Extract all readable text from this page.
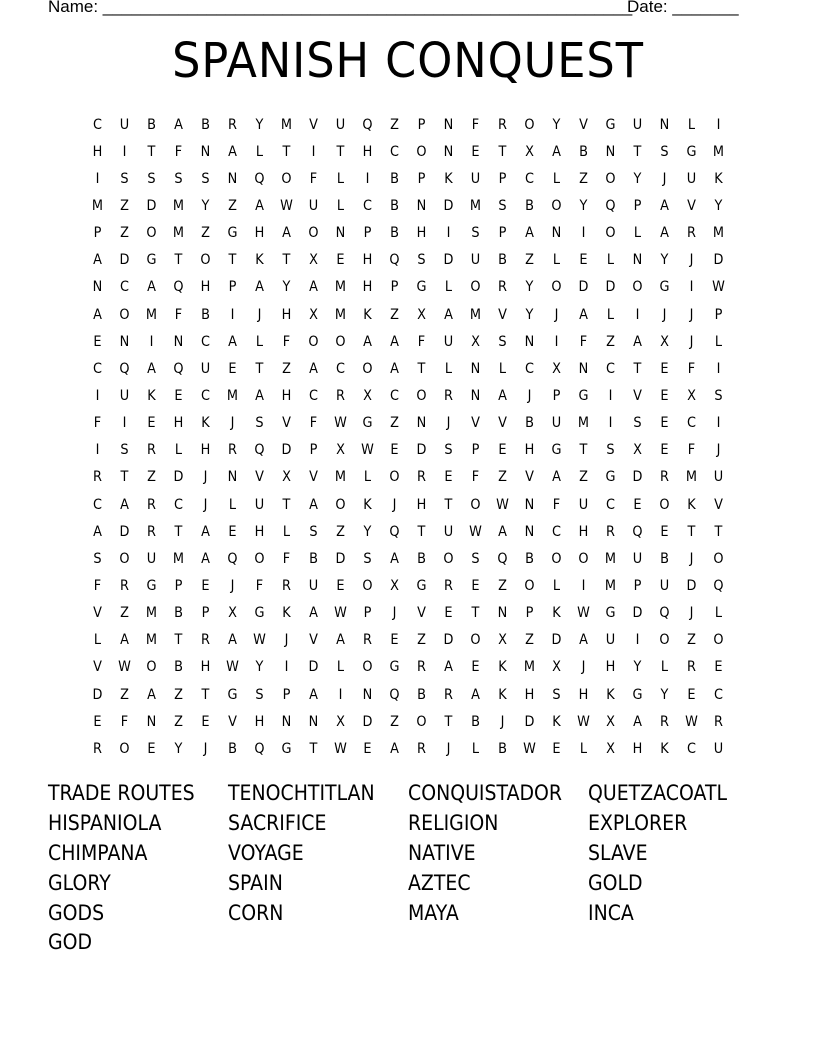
Name: ________________________________________________________
Date: _______
SPANISH CONQUEST
C	U	B	A	B	R	Y	M	V	U	Q	Z	P	N	F	R	O	Y	V	G	U	N	L	I
H	I	T	F	N	A	L	T	I	T	H	C	O	N	E	T	X	A	B	N	T	S	G	M
I	S	S	S	S	N	Q	O	F	L	I	B	P	K	U	P	C	L	Z	O	Y	J	U	K
M	Z	D	M	Y	Z	A	W	U	L	C	B	N	D	M	S	B	O	Y	Q	P	A	V	Y
P	Z	O	M	Z	G	H	A	O	N	P	B	H	I	S	P	A	N	I	O	L	A	R	M
A	D	G	T	O	T	K	T	X	E	H	Q	S	D	U	B	Z	L	E	L	N	Y	J	D
N	C	A	Q	H	P	A	Y	A	M	H	P	G	L	O	R	Y	O	D	D	O	G	I	W
A	O	M	F	B	I	J	H	X	M	K	Z	X	A	M	V	Y	J	A	L	I	J	J	P
E	N	I	N	C	A	L	F	O	O	A	A	F	U	X	S	N	I	F	Z	A	X	J	L
C	Q	A	Q	U	E	T	Z	A	C	O	A	T	L	N	L	C	X	N	C	T	E	F	I
I	U	K	E	C	M	A	H	C	R	X	C	O	R	N	A	J	P	G	I	V	E	X	S
F	I	E	H	K	J	S	V	F	W	G	Z	N	J	V	V	B	U	M	I	S	E	C	I
I	S	R	L	H	R	Q	D	P	X	W	E	D	S	P	E	H	G	T	S	X	E	F	J
R	T	Z	D	J	N	V	X	V	M	L	O	R	E	F	Z	V	A	Z	G	D	R	M	U
C	A	R	C	J	L	U	T	A	O	K	J	H	T	O	W	N	F	U	C	E	O	K	V
A	D	R	T	A	E	H	L	S	Z	Y	Q	T	U	W	A	N	C	H	R	Q	E	T	T
S	O	U	M	A	Q	O	F	B	D	S	A	B	O	S	Q	B	O	O	M	U	B	J	O
F	R	G	P	E	J	F	R	U	E	O	X	G	R	E	Z	O	L	I	M	P	U	D	Q
V	Z	M	B	P	X	G	K	A	W	P	J	V	E	T	N	P	K	W	G	D	Q	J	L
L	A	M	T	R	A	W	J	V	A	R	E	Z	D	O	X	Z	D	A	U	I	O	Z	O
V	W	O	B	H	W	Y	I	D	L	O	G	R	A	E	K	M	X	J	H	Y	L	R	E
D	Z	A	Z	T	G	S	P	A	I	N	Q	B	R	A	K	H	S	H	K	G	Y	E	C
E	F	N	Z	E	V	H	N	N	X	D	Z	O	T	B	J	D	K	W	X	A	R	W	R
R	O	E	Y	J	B	Q	G	T	W	E	A	R	J	L	B	W	E	L	X	H	K	C	U
TRADE ROUTES	TENOCHTITLAN	CONQUISTADOR	QUETZACOATL
HISPANIOLA	SACRIFICE	RELIGION	EXPLORER
CHIMPANA	VOYAGE	NATIVE	SLAVE
GLORY	SPAIN	AZTEC	GOLD
GODS	CORN	MAYA	INCA
GOD
